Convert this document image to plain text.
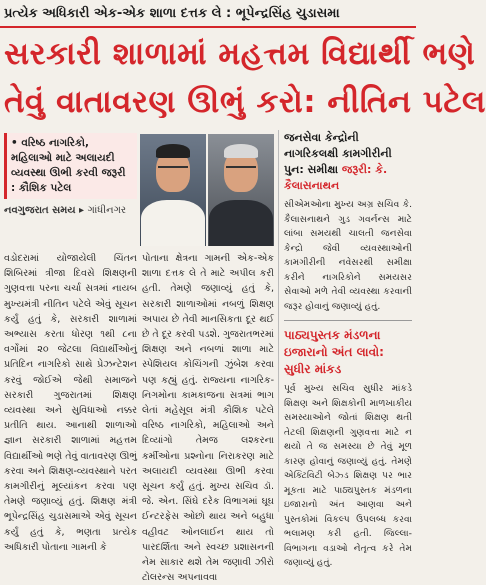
પ્રત્યેક અધિકારી એક-એક શાળા દત્તક લે : ભૂપેન્દ્રસિંહ ચુડાસમા
સરકારી શાળામાં મહત્તમ વિદ્યાર્થી ભણે
તેવું વાતાવરણ ઊભું કરો: નીતિન પટેલ
• વરિષ્ઠ નાગરિકો, મહિલાઓ માટે અલાયદી વ્યવસ્થા ઊભી કરવી જરૂરી : કૌશિક પટેલ
નવગુજરાત સમય ▸ ગાંધીનગર
વડોદરામાં યોજાયેલી ચિંતન શિબિરમાં ત્રીજા દિવસે શિક્ષણની ગુણવત્તા પરના ચર્ચા સત્રમાં નાયબ મુખ્યમંત્રી નીતિન પટેલે એવું સૂચન કર્યું હતું કે, સરકારી શાળામાં અભ્યાસ કરતા ધોરણ ૧થી ૮ના વર્ગોમાં ૨૦ જેટલા વિદ્યાર્થીઓનું પ્રતિદિન નાગરિકો સાથે પ્રેઝન્ટેશન કરવું જોઈએ જેથી સમાજને સરકારી ગુજરાતમાં શિક્ષણ વ્યવસ્થા અને સુવિધાઓ નક્કર પ્રતીતિ થાય. આનાથી શાળાઓ જ્ઞાન સરકારી શાળામાં મહત્તમ વિદ્યાર્થીઓ ભણે તેવું વાતાવરણ ઊભું કરવા અને શિક્ષણ-વ્યવસ્થાને પરત કામગીરીનું મૂલ્યાંકન કરવા પણ તેમણે જણાવ્યું હતું. શિક્ષણ મંત્રી ભૂપેન્દ્રસિંહ ચુડાસમાએ એવું સૂચન કર્યું હતું કે, ભણતા પ્રત્યેક અધિકારી પોતાના ગામની કે
પોતાના ક્ષેત્રના ગામની એક-એક શાળા દત્તક લે તે માટે અપીલ કરી હતી. તેમણે જણાવ્યું હતું કે, સરકારી શાળાઓમાં નબળું શિક્ષણ અપાય છે તેવી માનસિકતા દૂર થઈ છે તે દૂર કરવી પડશે. ગુજરાતભરમાં શિક્ષણ અને નબળાં શાળા માટે સ્પેશિયલ કોચિંગની ઝુંબેશ કરવા પણ કહ્યું હતું. રાજ્યના નાગરિક-નિગમોના કામકાજના સત્રમાં ભાગ લેતાં મહેસૂલ મંત્રી કૌશિક પટેલે વરિષ્ઠ નાગરિકો, મહિલાઓ અને દિવ્યાંગો તેમજ લશ્કરના કર્મીઓના પ્રશ્નોના નિરાકરણ માટે અલાયદી વ્યવસ્થા ઊભી કરવા સૂચન કર્યું હતું. મુખ્ય સચિવ ડૉ. જે. એન. સિંઘે દરેક વિભાગમાં ઘૂઘ ઈન્ટરફેસ ઓછો થાય અને બહુધા વહીવટ ઓનલાઈન થાય તો પારદર્શિતા અને સ્વચ્છ પ્રશાસનની નેમ સાકાર થશે તેમ જણાવી ઝીરો ટોલરન્સ અપનાવવા
જનસેવા કેન્દ્રોની નાગરિકલક્ષી કામગીરીની પુન: સમીક્ષા જરૂરી: કે. કૈલાસનાથન
સીએમઓના મુખ્ય અગ્ર સચિવ કે. કૈલાસનાથને ગુડ ગવર્નન્સ માટે લાંબા સમયથી ચાલતી જનસેવા કેન્દ્રો જેવી વ્યવસ્થાઓની કામગીરીની નવેસરથી સમીક્ષા કરીને નાગરિકોને સમયસર સેવાઓ મળે તેવી વ્યવસ્થા કરવાની જરૂર હોવાનું જણાવ્યું હતું.
પાઠ્યપુસ્તક મંડળના ઇજારાનો અંત લાવો: સુધીર માંકડ
પૂર્વ મુખ્ય સચિવ સુધીર માંકડે શિક્ષણ અને શિક્ષકોની માળખાકીય સમસ્યાઓને જોતાં શિક્ષણ થતી તેટલી શિક્ષણની ગુણવત્તા માટે ન થયો તે જ સમસ્યા છે તેવું મૂળ કારણ હોવાનું જણાવ્યું હતું. તેમણે એક્ટિવિટી બેઝ્ડ શિક્ષણ પર ભાર મૂકતા માટે પાઠ્યપુસ્તક મંડળના ઇજારાનો અંત આણવા અને પુસ્તકોમાં વિકલ્પ ઉપલબ્ધ કરવા ભલામણ કરી હતી. જિલ્લા-વિભાગના વડાઓ નેતૃત્વ કરે તેમ જણાવ્યું હતું.
